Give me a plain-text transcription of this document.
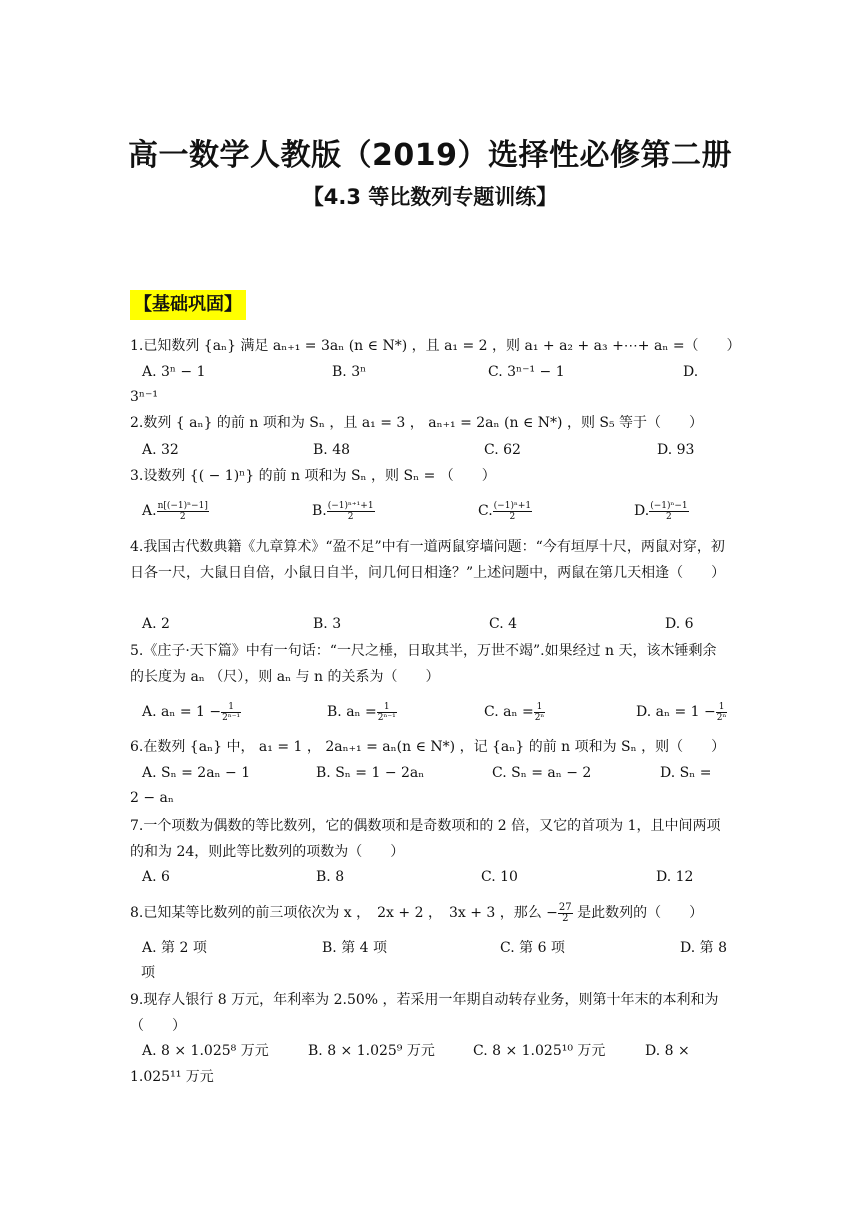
高一数学人教版（2019）选择性必修第二册
【4.3 等比数列专题训练】
【基础巩固】
1.已知数列 {aₙ} 满足 aₙ₊₁ = 3aₙ (n ∈ N*) ，且 a₁ = 2 ，则 a₁ + a₂ + a₃ +⋯+ aₙ =（　　）
A. 3ⁿ − 1	B. 3ⁿ	C. 3ⁿ⁻¹ − 1	D.
3ⁿ⁻¹
2.数列 { aₙ} 的前 n 项和为 Sₙ ，且 a₁ = 3 ， aₙ₊₁ = 2aₙ (n ∈ N*) ，则 S₅ 等于（　　）
A. 32	B. 48	C. 62	D. 93
3.设数列 {( − 1)ⁿ} 的前 n 项和为 Sₙ ，则 Sₙ = （　　）
A. $\frac{\text{n[(−1)ⁿ−1]}}{2}$	B. $\frac{\text{(−1)ⁿ⁺¹+1}}{2}$	C. $\frac{\text{(−1)ⁿ+1}}{2}$	D. $\frac{\text{(−1)ⁿ−1}}{2}$
4.我国古代数典籍《九章算术》“盈不足”中有一道两鼠穿墙问题：“今有垣厚十尺，两鼠对穿，初日各一尺，大鼠日自倍，小鼠日自半，问几何日相逢？”上述问题中，两鼠在第几天相逢（　　）
A. 2	B. 3	C. 4	D. 6
5.《庄子·天下篇》中有一句话：“一尺之棰，日取其半，万世不竭”.如果经过 n 天，该木锤剩余的长度为 aₙ （尺），则 aₙ 与 n 的关系为（　　）
A. $a_n = 1 - \frac{1}{\text{2ⁿ⁻¹}}$	B. $a_n = \frac{1}{\text{2ⁿ⁻¹}}$	C. $a_n = \frac{1}{\text{2ⁿ}}$	D. $a_n = 1 - \frac{1}{\text{2ⁿ}}$
6.在数列 {aₙ} 中， a₁ = 1 ， 2aₙ₊₁ = aₙ(n ∈ N*) ，记 {aₙ} 的前 n 项和为 Sₙ ，则（　　）
A. Sₙ = 2aₙ − 1	B. Sₙ = 1 − 2aₙ	C. Sₙ = aₙ − 2	D. Sₙ =
2 − aₙ
7.一个项数为偶数的等比数列，它的偶数项和是奇数项和的 2 倍，又它的首项为 1，且中间两项的和为 24，则此等比数列的项数为（　　）
A. 6	B. 8	C. 10	D. 12
8.已知某等比数列的前三项依次为 x ，　2x + 2 ，　3x + 3 ，那么 − $\frac{27}{2}$ 是此数列的（　　）
A. 第 2 项	B. 第 4 项	C. 第 6 项	D. 第 8
项
9.现存人银行 8 万元，年利率为 2.50% ，若采用一年期自动转存业务，则第十年末的本利和为（　　）
A. 8 × 1.025⁸ 万元	B. 8 × 1.025⁹ 万元	C. 8 × 1.025¹⁰ 万元	D. 8 ×
1.025¹¹ 万元
